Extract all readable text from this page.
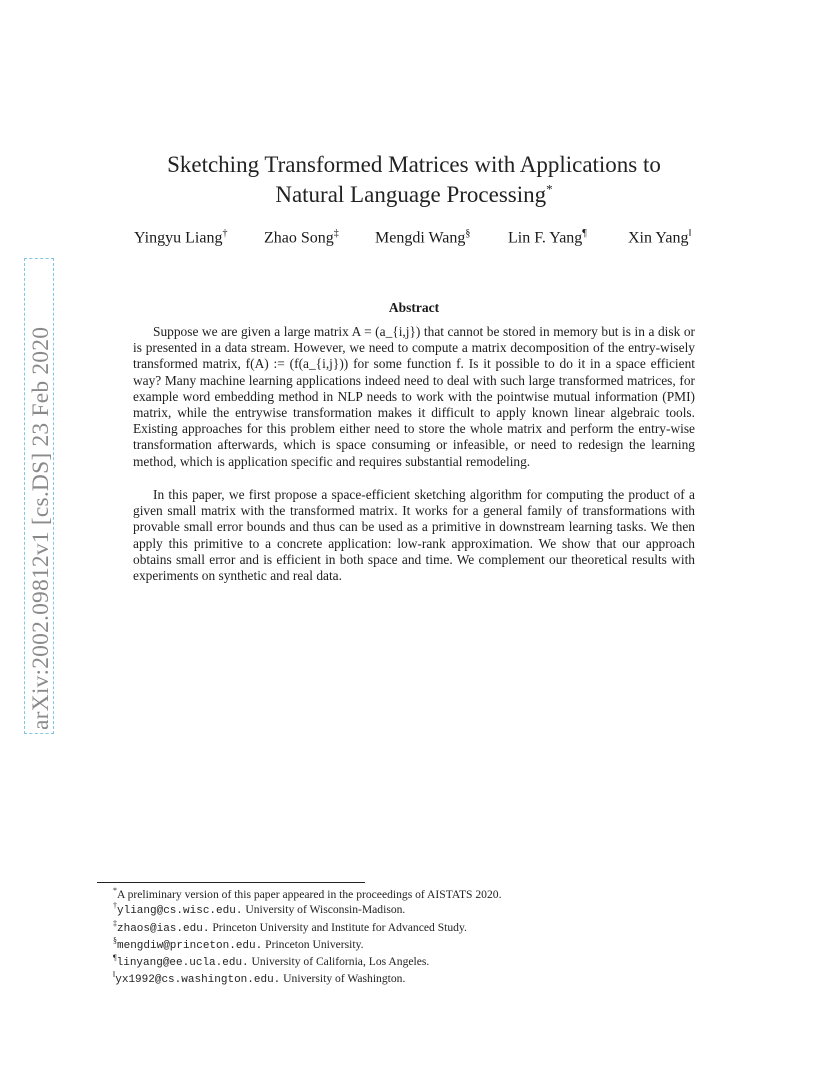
arXiv:2002.09812v1 [cs.DS] 23 Feb 2020
Sketching Transformed Matrices with Applications to
Natural Language Processing*
Yingyu Liang† Zhao Song‡ Mengdi Wang§ Lin F. Yang¶	Xin Yang‖
Abstract

Suppose we are given a large matrix A = (a_{i,j}) that cannot be stored in memory but is in a disk or is presented in a data stream. However, we need to compute a matrix decomposition of the entry-wisely transformed matrix, f(A) := (f(a_{i,j})) for some function f. Is it possible to do it in a space efficient way? Many machine learning applications indeed need to deal with such large transformed matrices, for example word embedding method in NLP needs to work with the pointwise mutual information (PMI) matrix, while the entrywise transformation makes it difficult to apply known linear algebraic tools. Existing approaches for this problem either need to store the whole matrix and perform the entry-wise transformation afterwards, which is space consuming or infeasible, or need to redesign the learning method, which is application specific and requires substantial remodeling.

In this paper, we first propose a space-efficient sketching algorithm for computing the product of a given small matrix with the transformed matrix. It works for a general family of transformations with provable small error bounds and thus can be used as a primitive in downstream learning tasks. We then apply this primitive to a concrete application: low-rank approximation. We show that our approach obtains small error and is efficient in both space and time. We complement our theoretical results with experiments on synthetic and real data.

*A preliminary version of this paper appeared in the proceedings of AISTATS 2020.
†yliang@cs.wisc.edu. University of Wisconsin-Madison.
‡zhaos@ias.edu. Princeton University and Institute for Advanced Study.
§mengdiw@princeton.edu. Princeton University.
¶linyang@ee.ucla.edu. University of California, Los Angeles.
‖yx1992@cs.washington.edu. University of Washington.
